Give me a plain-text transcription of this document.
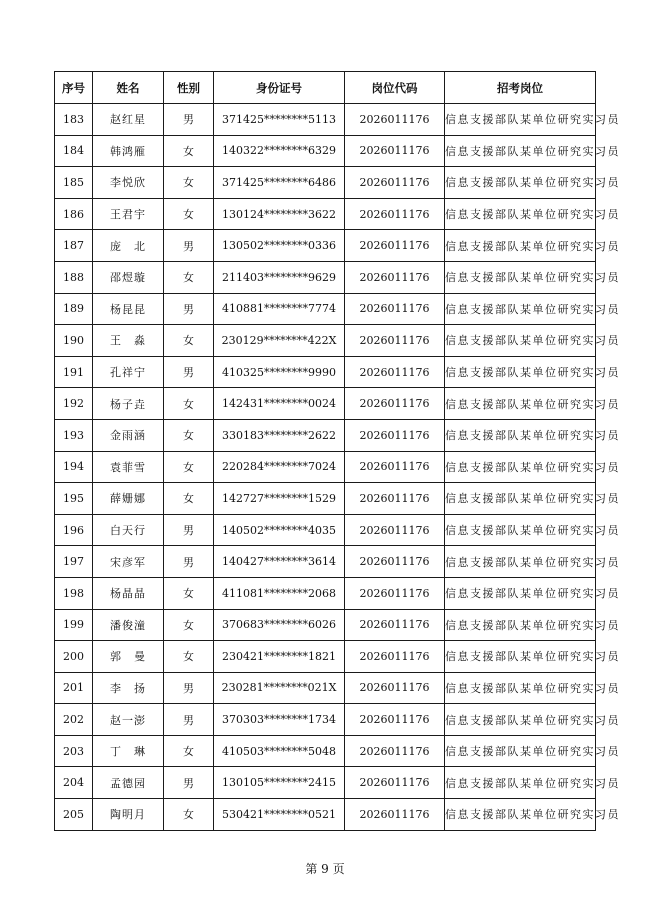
序号	姓名	性别	身份证号	岗位代码	招考岗位
183	赵红星	男	371425********5113	2026011176	信息支援部队某单位研究实习员
184	韩鸿雁	女	140322********6329	2026011176	信息支援部队某单位研究实习员
185	李悦欣	女	371425********6486	2026011176	信息支援部队某单位研究实习员
186	王君宇	女	130124********3622	2026011176	信息支援部队某单位研究实习员
187	庞　北	男	130502********0336	2026011176	信息支援部队某单位研究实习员
188	邵煜璇	女	211403********9629	2026011176	信息支援部队某单位研究实习员
189	杨昆昆	男	410881********7774	2026011176	信息支援部队某单位研究实习员
190	王　淼	女	230129********422X	2026011176	信息支援部队某单位研究实习员
191	孔祥宁	男	410325********9990	2026011176	信息支援部队某单位研究实习员
192	杨子垚	女	142431********0024	2026011176	信息支援部队某单位研究实习员
193	金雨涵	女	330183********2622	2026011176	信息支援部队某单位研究实习员
194	袁菲雪	女	220284********7024	2026011176	信息支援部队某单位研究实习员
195	薛姗娜	女	142727********1529	2026011176	信息支援部队某单位研究实习员
196	白天行	男	140502********4035	2026011176	信息支援部队某单位研究实习员
197	宋彦军	男	140427********3614	2026011176	信息支援部队某单位研究实习员
198	杨晶晶	女	411081********2068	2026011176	信息支援部队某单位研究实习员
199	潘俊潼	女	370683********6026	2026011176	信息支援部队某单位研究实习员
200	郭　曼	女	230421********1821	2026011176	信息支援部队某单位研究实习员
201	李　扬	男	230281********021X	2026011176	信息支援部队某单位研究实习员
202	赵一澎	男	370303********1734	2026011176	信息支援部队某单位研究实习员
203	丁　琳	女	410503********5048	2026011176	信息支援部队某单位研究实习员
204	孟德园	男	130105********2415	2026011176	信息支援部队某单位研究实习员
205	陶明月	女	530421********0521	2026011176	信息支援部队某单位研究实习员
第 9 页
